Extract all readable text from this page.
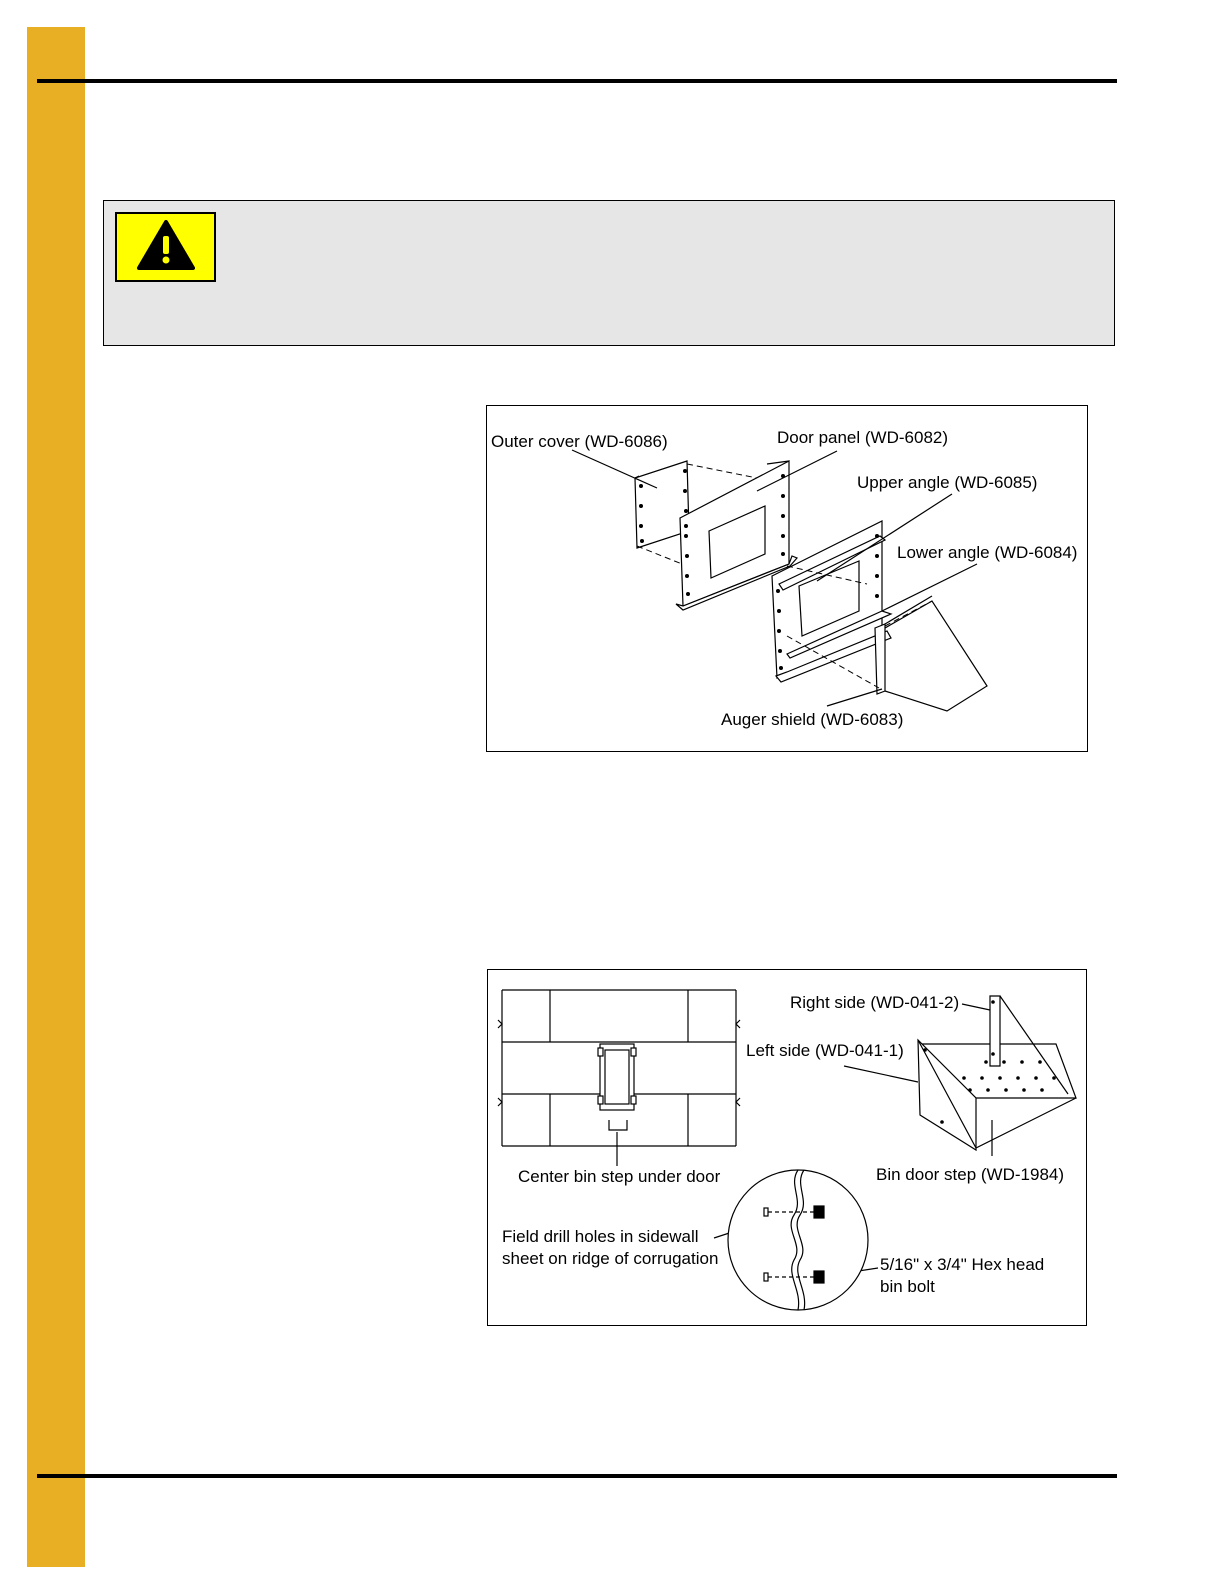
Outer cover (WD-6086)	Door panel (WD-6082)
Upper angle (WD-6085)
Lower angle (WD-6084)
Auger shield (WD-6083)
Right side (WD-041-2)
Left side (WD-041-1)
Center bin step under door	Bin door step (WD-1984)
Field drill holes in sidewall
sheet on ridge of corrugation	5/16" x 3/4" Hex head
bin bolt
